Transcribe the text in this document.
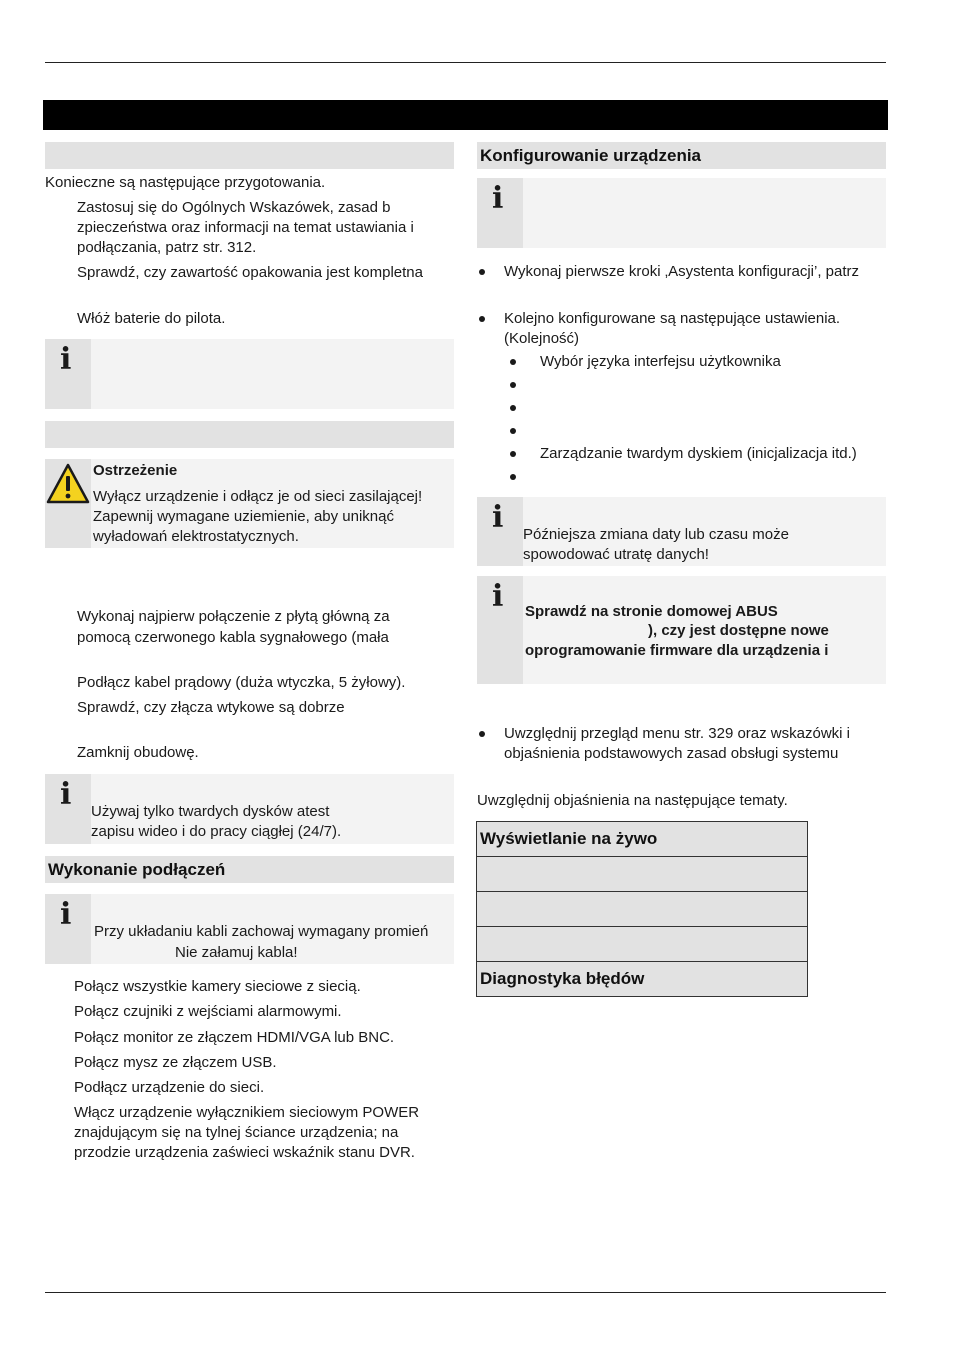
Konieczne są następujące przygotowania.
Zastosuj się do Ogólnych Wskazówek, zasad b
zpieczeństwa oraz informacji na temat ustawiania i
podłączania, patrz str. 312.
Sprawdź, czy zawartość opakowania jest kompletna
Włóż baterie do pilota.
i
Ostrzeżenie
Wyłącz urządzenie i odłącz je od sieci zasilającej!
Zapewnij wymagane uziemienie, aby uniknąć
wyładowań elektrostatycznych.
Wykonaj najpierw połączenie z płytą główną za
pomocą czerwonego kabla sygnałowego (mała
Podłącz kabel prądowy (duża wtyczka, 5 żyłowy).
Sprawdź, czy złącza wtykowe są dobrze
Zamknij obudowę.
i Używaj tylko twardych dysków atest
zapisu wideo i do pracy ciągłej (24/7).
Wykonanie podłączeń
i Przy układaniu kabli zachowaj wymagany promień
Nie załamuj kabla!
Połącz wszystkie kamery sieciowe z siecią.
Połącz czujniki z wejściami alarmowymi.
Połącz monitor ze złączem HDMI/VGA lub BNC.
Połącz mysz ze złączem USB.
Podłącz urządzenie do sieci.
Włącz urządzenie wyłącznikiem sieciowym POWER
znajdującym się na tylnej ściance urządzenia; na
przodzie urządzenia zaświeci wskaźnik stanu DVR.
Konfigurowanie urządzenia
i
Wykonaj pierwsze kroki ‚Asystenta konfiguracji’, patrz
Kolejno konfigurowane są następujące ustawienia.
(Kolejność)
Wybór języka interfejsu użytkownika
Zarządzanie twardym dyskiem (inicjalizacja itd.)
i Późniejsza zmiana daty lub czasu może
spowodować utratę danych!
i Sprawdź na stronie domowej ABUS
), czy jest dostępne nowe
oprogramowanie firmware dla urządzenia i
Uwzględnij przegląd menu str. 329 oraz wskazówki i
objaśnienia podstawowych zasad obsługi systemu
Uwzględnij objaśnienia na następujące tematy.
Wyświetlanie na żywo
Diagnostyka błędów
